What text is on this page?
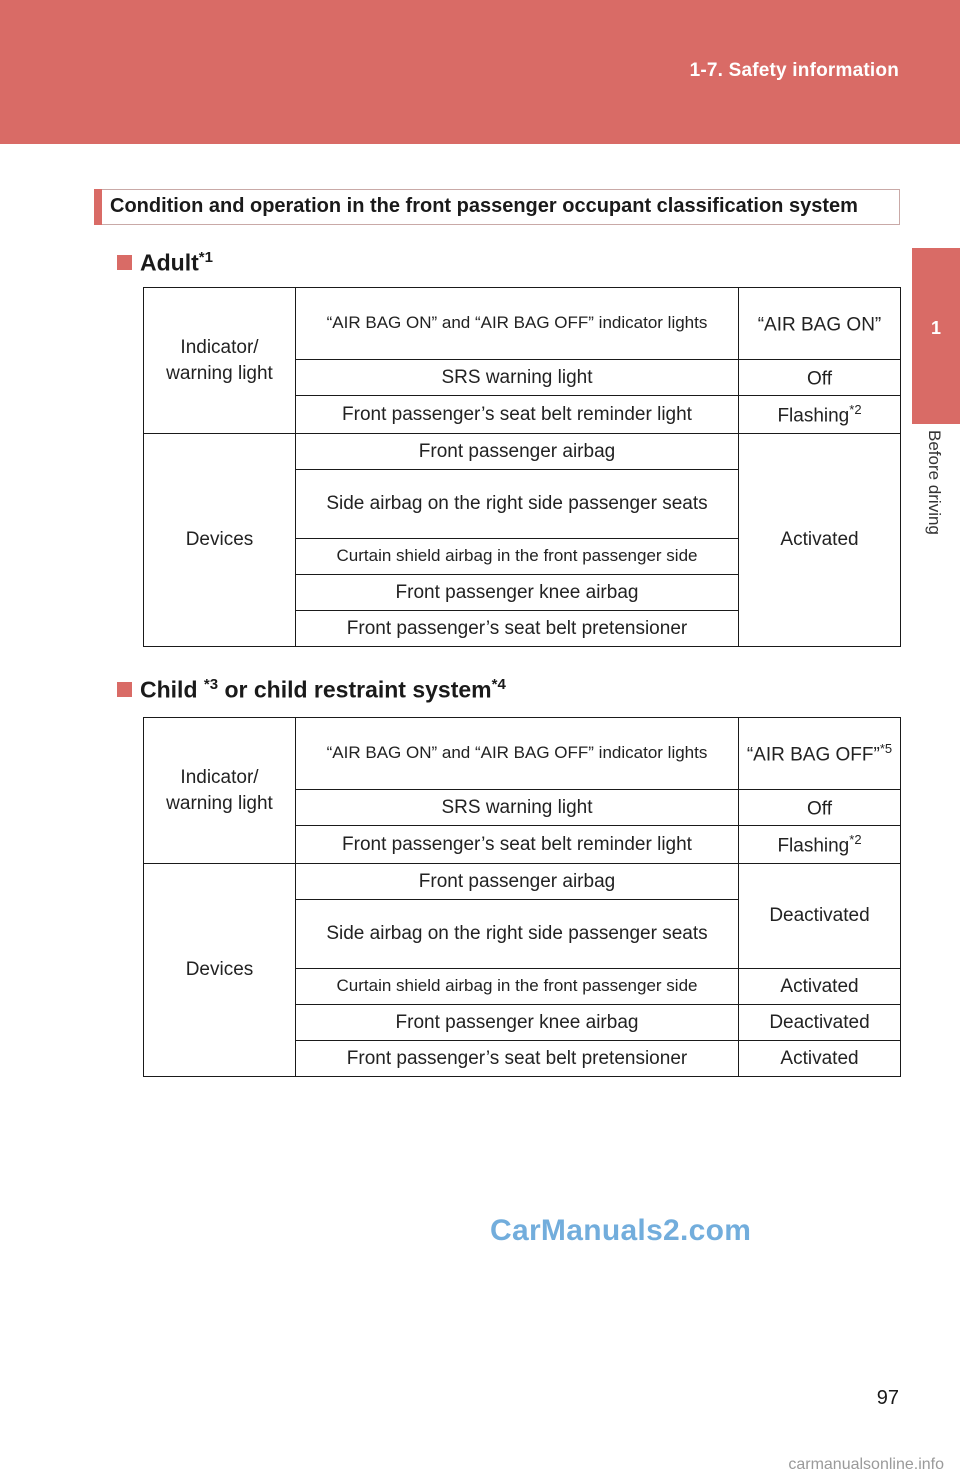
1-7. Safety information
1
Before driving
Condition and operation in the front passenger occupant classification system
Adult$^{*1}$
Indicator/ warning light	“AIR BAG ON” and “AIR BAG OFF” indicator lights	“AIR BAG ON”
	SRS warning light	Off
	Front passenger’s seat belt reminder light	Flashing$^{*2}$
Devices	Front passenger airbag	Activated
	Side airbag on the right side passenger seats	
	Curtain shield airbag in the front passenger side	
	Front passenger knee airbag	
	Front passenger’s seat belt pretensioner	
Child $^{*3}$ or child restraint system$^{*4}$
Indicator/ warning light	“AIR BAG ON” and “AIR BAG OFF” indicator lights	“AIR BAG OFF”$^{*5}$
	SRS warning light	Off
	Front passenger’s seat belt reminder light	Flashing$^{*2}$
Devices	Front passenger airbag	Deactivated
	Side airbag on the right side passenger seats	
	Curtain shield airbag in the front passenger side	Activated
	Front passenger knee airbag	Deactivated
	Front passenger’s seat belt pretensioner	Activated
CarManuals2.com
97
carmanualsonline.info
